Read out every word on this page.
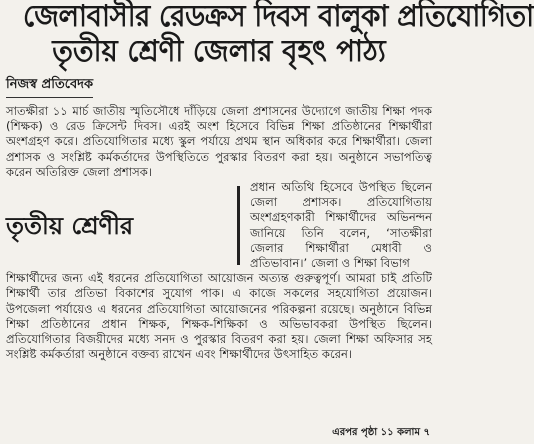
জেলাবাসীর রেডক্রস দিবস বালুকা প্রতিযোগিতা
তৃতীয় শ্রেণী জেলার বৃহৎ পাঠ্য
নিজস্ব প্রতিবেদক

সাতক্ষীরা ১১ মার্চ জাতীয় স্মৃতিসৌধে দাঁড়িয়ে জেলা প্রশাসনের উদ্যোগে জাতীয় শিক্ষা পদক (শিক্ষক) ও রেড ক্রিসেন্ট দিবস। এরই অংশ হিসেবে বিভিন্ন শিক্ষা প্রতিষ্ঠানের শিক্ষার্থীরা অংশগ্রহণ করে। প্রতিযোগিতার মধ্যে স্কুল পর্যায়ে প্রথম স্থান অধিকার করে শিক্ষার্থীরা। জেলা প্রশাসক ও সংশ্লিষ্ট কর্মকর্তাদের উপস্থিতিতে পুরস্কার বিতরণ করা হয়। অনুষ্ঠানে সভাপতিত্ব করেন অতিরিক্ত জেলা প্রশাসক।

তৃতীয় শ্রেণীর
প্রধান অতিথি হিসেবে উপস্থিত ছিলেন জেলা প্রশাসক। প্রতিযোগিতায় অংশগ্রহণকারী শিক্ষার্থীদের অভিনন্দন জানিয়ে তিনি বলেন, ‘সাতক্ষীরা জেলার শিক্ষার্থীরা মেধাবী ও প্রতিভাবান।’ জেলা ও শিক্ষা বিভাগ

শিক্ষার্থীদের জন্য এই ধরনের প্রতিযোগিতা আয়োজন অত্যন্ত গুরুত্বপূর্ণ। আমরা চাই প্রতিটি শিক্ষার্থী তার প্রতিভা বিকাশের সুযোগ পাক। এ কাজে সকলের সহযোগিতা প্রয়োজন। উপজেলা পর্যায়েও এ ধরনের প্রতিযোগিতা আয়োজনের পরিকল্পনা রয়েছে। অনুষ্ঠানে বিভিন্ন শিক্ষা প্রতিষ্ঠানের প্রধান শিক্ষক, শিক্ষক-শিক্ষিকা ও অভিভাবকরা উপস্থিত ছিলেন। প্রতিযোগিতার বিজয়ীদের মধ্যে সনদ ও পুরস্কার বিতরণ করা হয়। জেলা শিক্ষা অফিসার সহ সংশ্লিষ্ট কর্মকর্তারা অনুষ্ঠানে বক্তব্য রাখেন এবং শিক্ষার্থীদের উৎসাহিত করেন।

এরপর পৃষ্ঠা ১১ কলাম ৭
